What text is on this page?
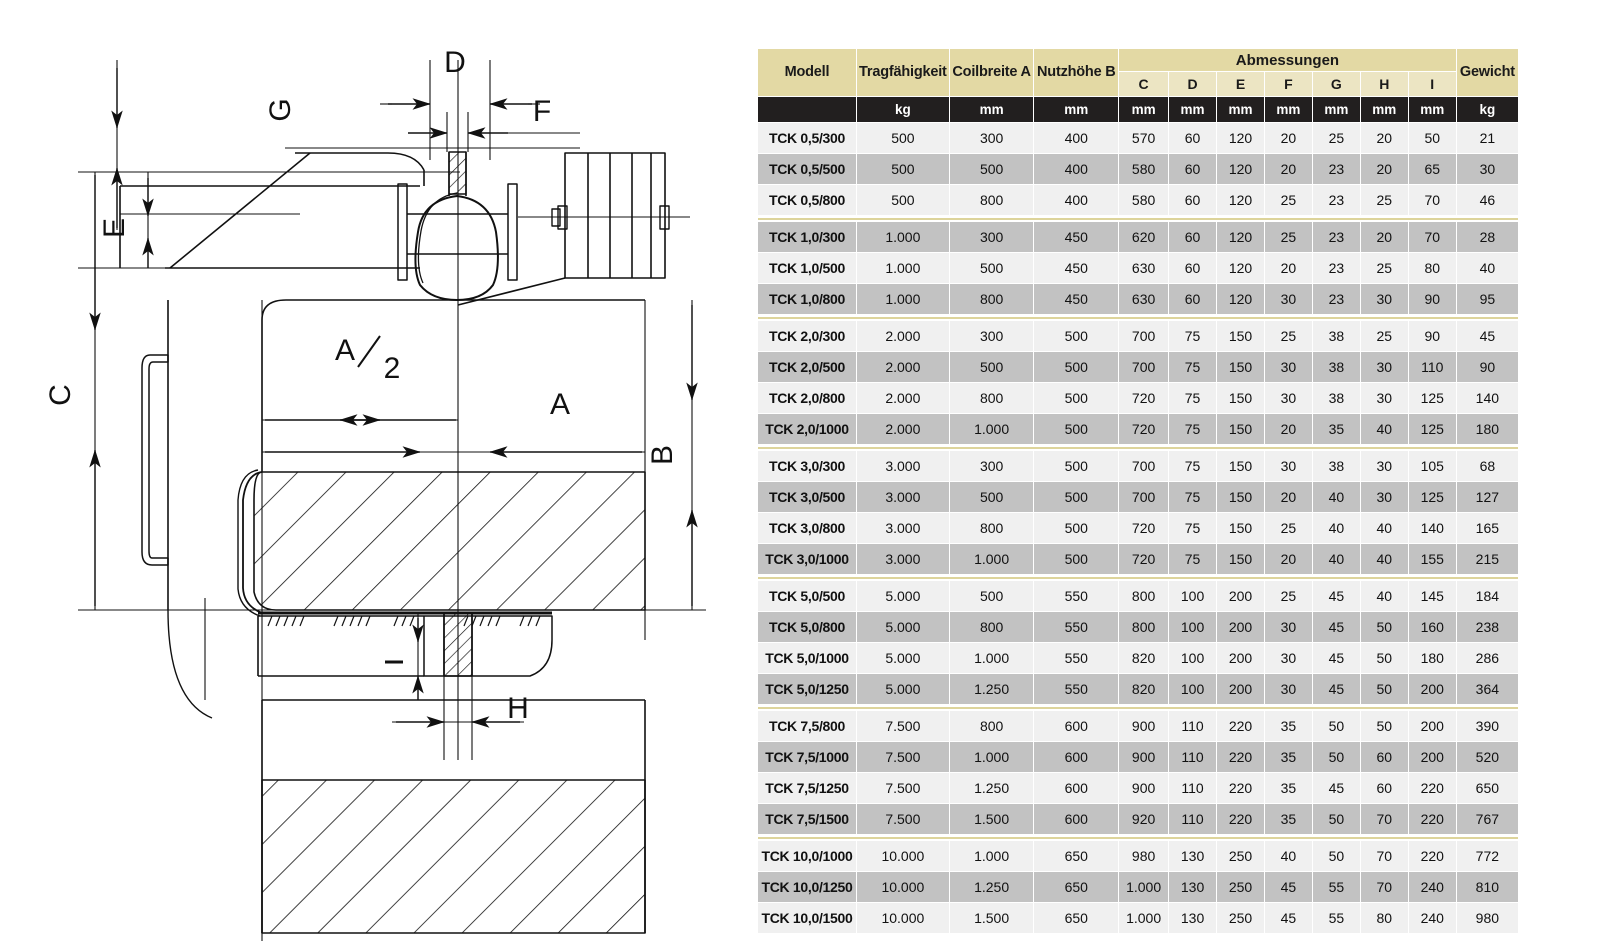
D
F
G
E
C
B
A
A
2
H
Modell	Tragfähigkeit	Coilbreite A	Nutzhöhe B	Abmessungen							Gewicht
				C	D	E	F	G	H	I	
	kg	mm	mm	mm	mm	mm	mm	mm	mm	mm	kg
TCK 0,5/300	500	300	400	570	60	120	20	25	20	50	21
TCK 0,5/500	500	500	400	580	60	120	20	23	20	65	30
TCK 0,5/800	500	800	400	580	60	120	25	23	25	70	46

TCK 1,0/300	1.000	300	450	620	60	120	25	23	20	70	28
TCK 1,0/500	1.000	500	450	630	60	120	20	23	25	80	40
TCK 1,0/800	1.000	800	450	630	60	120	30	23	30	90	95

TCK 2,0/300	2.000	300	500	700	75	150	25	38	25	90	45
TCK 2,0/500	2.000	500	500	700	75	150	30	38	30	110	90
TCK 2,0/800	2.000	800	500	720	75	150	30	38	30	125	140
TCK 2,0/1000	2.000	1.000	500	720	75	150	20	35	40	125	180

TCK 3,0/300	3.000	300	500	700	75	150	30	38	30	105	68
TCK 3,0/500	3.000	500	500	700	75	150	20	40	30	125	127
TCK 3,0/800	3.000	800	500	720	75	150	25	40	40	140	165
TCK 3,0/1000	3.000	1.000	500	720	75	150	20	40	40	155	215

TCK 5,0/500	5.000	500	550	800	100	200	25	45	40	145	184
TCK 5,0/800	5.000	800	550	800	100	200	30	45	50	160	238
TCK 5,0/1000	5.000	1.000	550	820	100	200	30	45	50	180	286
TCK 5,0/1250	5.000	1.250	550	820	100	200	30	45	50	200	364

TCK 7,5/800	7.500	800	600	900	110	220	35	50	50	200	390
TCK 7,5/1000	7.500	1.000	600	900	110	220	35	50	60	200	520
TCK 7,5/1250	7.500	1.250	600	900	110	220	35	45	60	220	650
TCK 7,5/1500	7.500	1.500	600	920	110	220	35	50	70	220	767

TCK 10,0/1000	10.000	1.000	650	980	130	250	40	50	70	220	772
TCK 10,0/1250	10.000	1.250	650	1.000	130	250	45	55	70	240	810
TCK 10,0/1500	10.000	1.500	650	1.000	130	250	45	55	80	240	980
